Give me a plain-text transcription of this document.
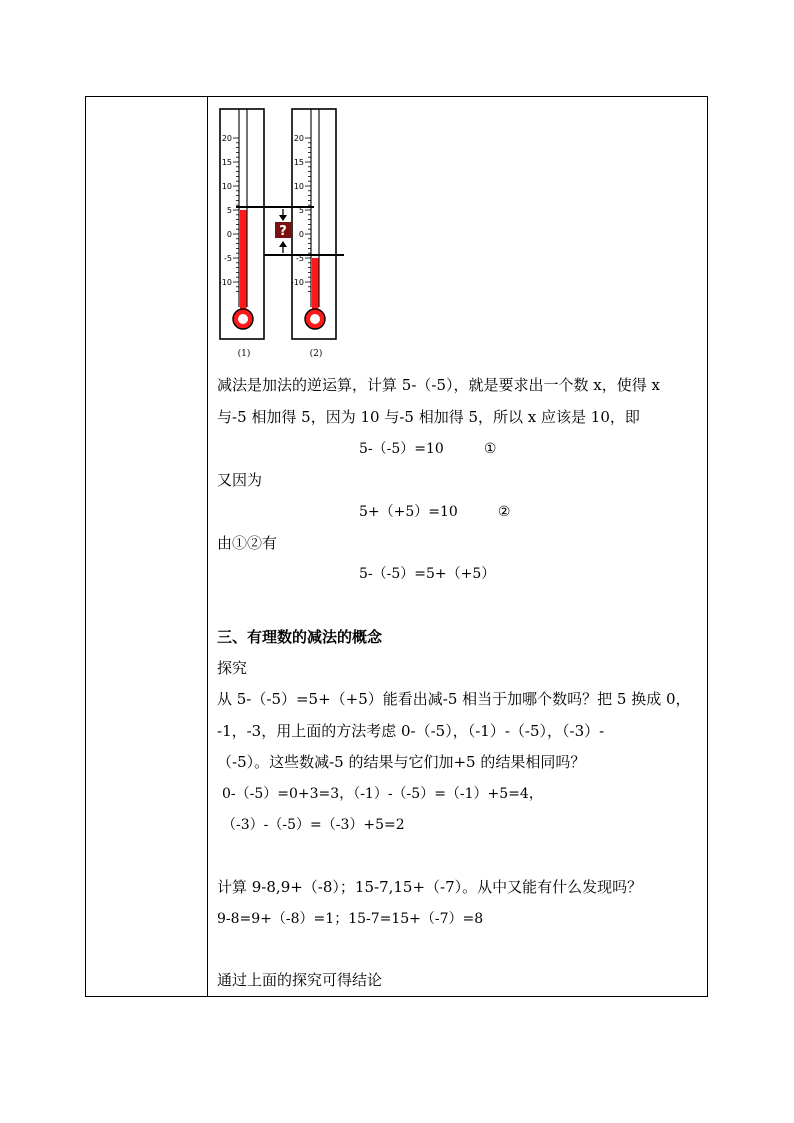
20
15
10
5
0
-5
-10
20
15
10
5
0
-5
-10
?
(1)	(2)
减法是加法的逆运算，计算 5-（-5），就是要求出一个数 x，使得 x
与-5 相加得 5，因为 10 与-5 相加得 5，所以 x 应该是 10，即
5-（-5）=10	①
又因为
5+（+5）=10	②
由①②有
5-（-5）=5+（+5）
三、有理数的减法的概念
探究
从 5-（-5）=5+（+5）能看出减-5 相当于加哪个数吗？把 5 换成 0，
-1，-3，用上面的方法考虑 0-（-5），（-1）-（-5），（-3）-
（-5）。这些数减-5 的结果与它们加+5 的结果相同吗？
0-（-5）=0+3=3，（-1）-（-5）=（-1）+5=4，
（-3）-（-5）=（-3）+5=2
计算 9-8,9+（-8）；15-7,15+（-7）。从中又能有什么发现吗？
9-8=9+（-8）=1；15-7=15+（-7）=8
通过上面的探究可得结论
